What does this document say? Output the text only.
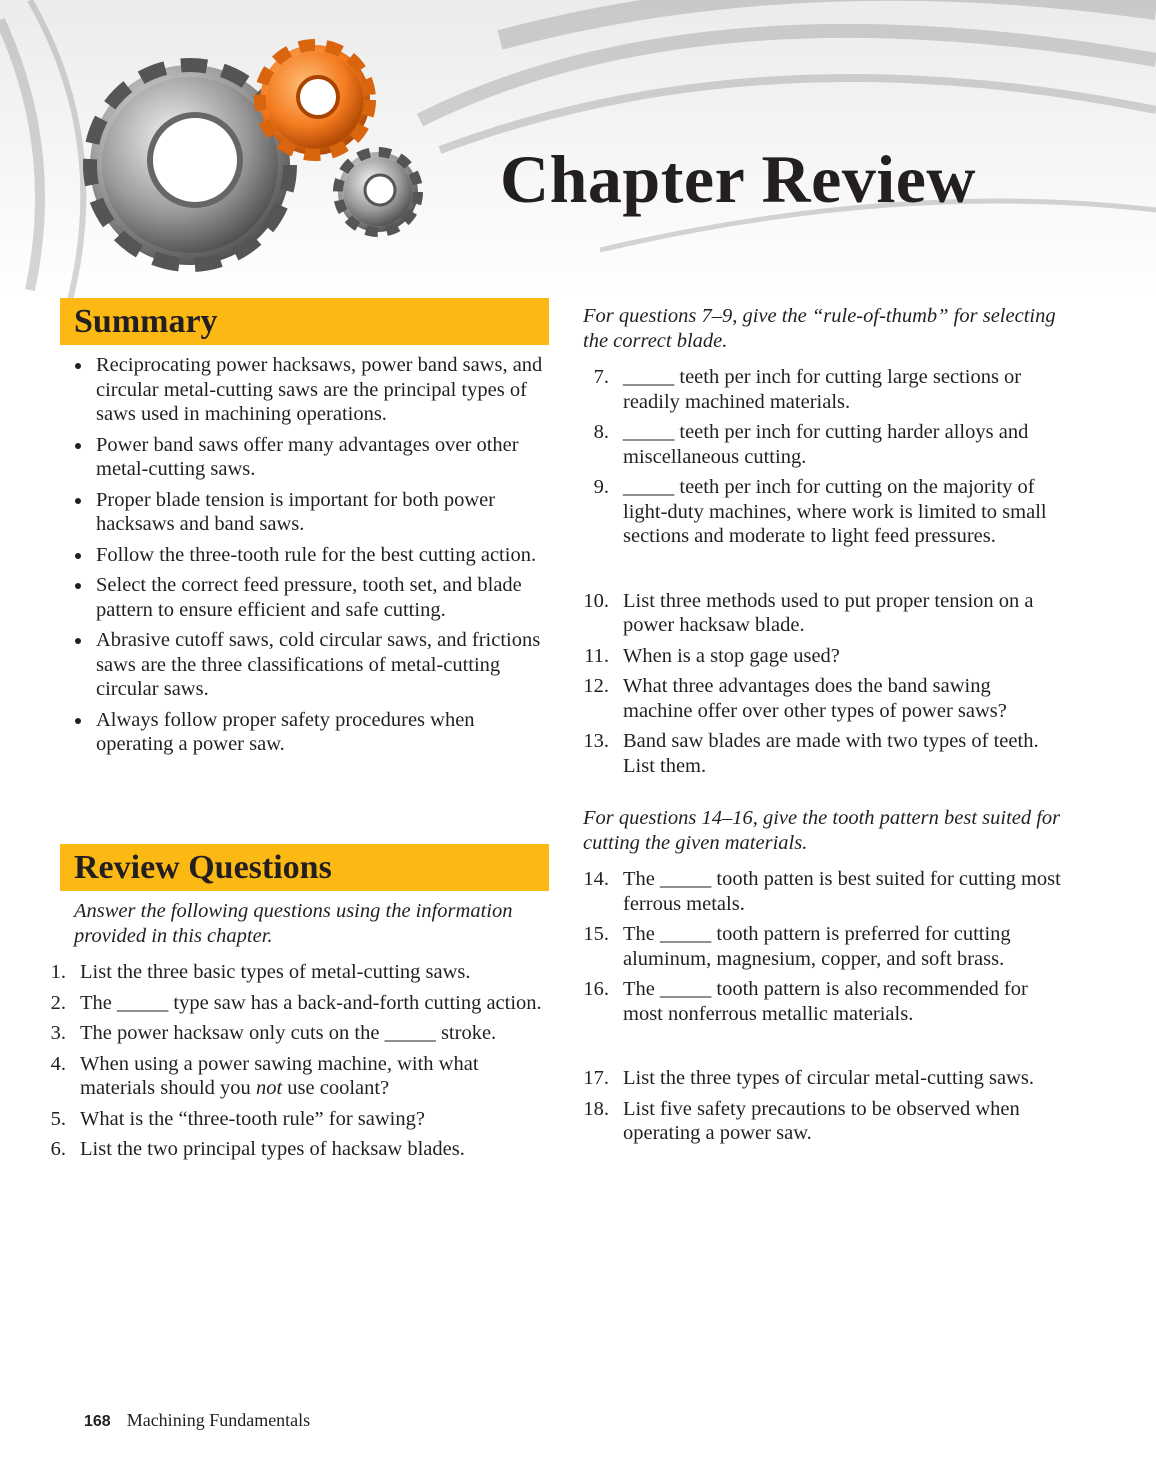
Chapter Review
Summary
Reciprocating power hacksaws, power band saws, and circular metal-cutting saws are the principal types of saws used in machining operations.
Power band saws offer many advantages over other metal-cutting saws.
Proper blade tension is important for both power hacksaws and band saws.
Follow the three-tooth rule for the best cutting action.
Select the correct feed pressure, tooth set, and blade pattern to ensure efficient and safe cutting.
Abrasive cutoff saws, cold circular saws, and frictions saws are the three classifications of metal-cutting circular saws.
Always follow proper safety procedures when operating a power saw.
Review Questions
Answer the following questions using the information provided in this chapter.
1. List the three basic types of metal-cutting saws.
2. The _____ type saw has a back-and-forth cutting action.
3. The power hacksaw only cuts on the _____ stroke.
4. When using a power sawing machine, with what materials should you not use coolant?
5. What is the “three-tooth rule” for sawing?
6. List the two principal types of hacksaw blades.
For questions 7–9, give the “rule-of-thumb” for selecting the correct blade.
7. _____ teeth per inch for cutting large sections or readily machined materials.
8. _____ teeth per inch for cutting harder alloys and miscellaneous cutting.
9. _____ teeth per inch for cutting on the majority of light-duty machines, where work is limited to small sections and moderate to light feed pressures.
10. List three methods used to put proper tension on a power hacksaw blade.
11. When is a stop gage used?
12. What three advantages does the band sawing machine offer over other types of power saws?
13. Band saw blades are made with two types of teeth. List them.
For questions 14–16, give the tooth pattern best suited for cutting the given materials.
14. The _____ tooth patten is best suited for cutting most ferrous metals.
15. The _____ tooth pattern is preferred for cutting aluminum, magnesium, copper, and soft brass.
16. The _____ tooth pattern is also recommended for most nonferrous metallic materials.
17. List the three types of circular metal-cutting saws.
18. List five safety precautions to be observed when operating a power saw.
168 Machining Fundamentals
